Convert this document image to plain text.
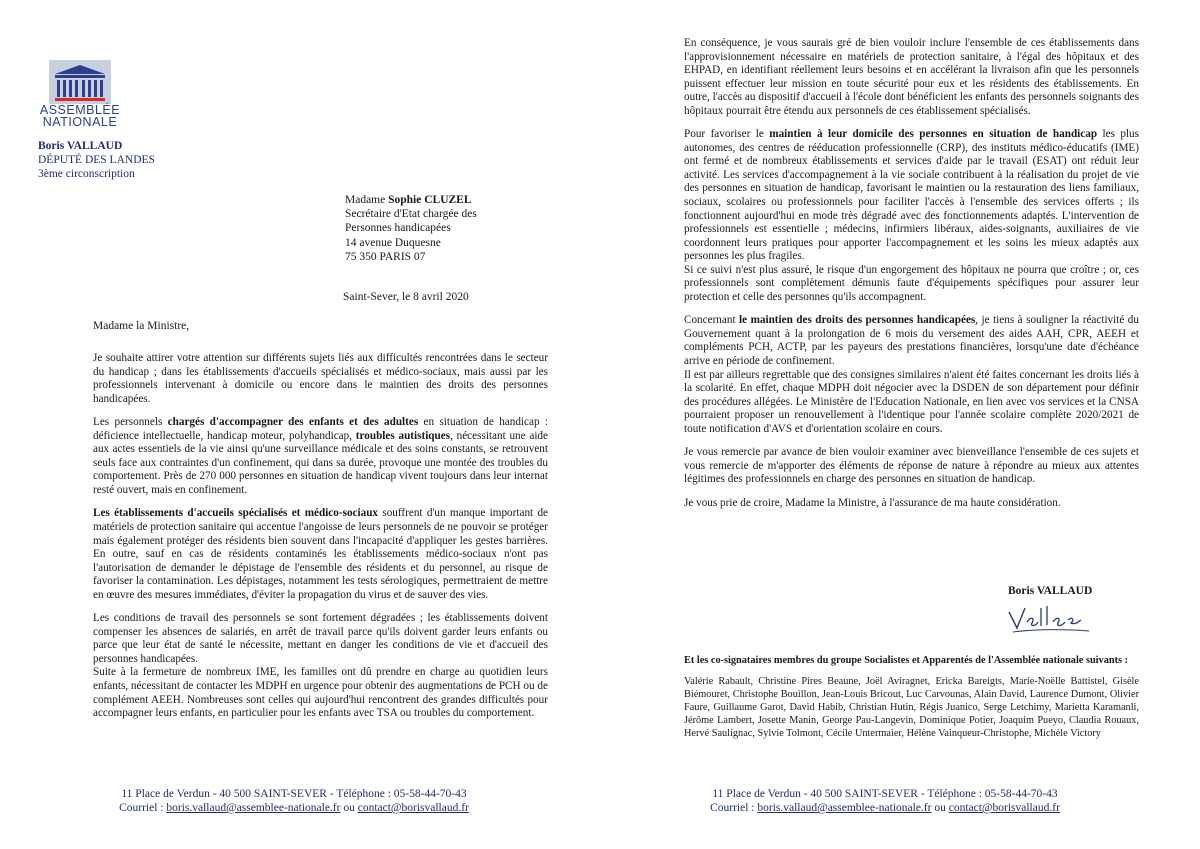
ASSEMBLÉE
NATIONALE
Boris VALLAUD
DÉPUTÉ DES LANDES
3ème circonscription
Madame Sophie CLUZEL
Secrétaire d'Etat chargée des
Personnes handicapées
14 avenue Duquesne
75 350 PARIS 07
Saint-Sever, le 8 avril 2020
Madame la Ministre,

Je souhaite attirer votre attention sur différents sujets liés aux difficultés rencontrées dans le secteur du handicap ; dans les établissements d'accueils spécialisés et médico-sociaux, mais aussi par les professionnels intervenant à domicile ou encore dans le maintien des droits des personnes handicapées.

Les personnels chargés d'accompagner des enfants et des adultes en situation de handicap : déficience intellectuelle, handicap moteur, polyhandicap, troubles autistiques, nécessitant une aide aux actes essentiels de la vie ainsi qu'une surveillance médicale et des soins constants, se retrouvent seuls face aux contraintes d'un confinement, qui dans sa durée, provoque une montée des troubles du comportement. Près de 270 000 personnes en situation de handicap vivent toujours dans leur internat resté ouvert, mais en confinement.

Les établissements d'accueils spécialisés et médico-sociaux souffrent d'un manque important de matériels de protection sanitaire qui accentue l'angoisse de leurs personnels de ne pouvoir se protéger mais également protéger des résidents bien souvent dans l'incapacité d'appliquer les gestes barrières. En outre, sauf en cas de résidents contaminés les établissements médico-sociaux n'ont pas l'autorisation de demander le dépistage de l'ensemble des résidents et du personnel, au risque de favoriser la contamination. Les dépistages, notamment les tests sérologiques, permettraient de mettre en œuvre des mesures immédiates, d'éviter la propagation du virus et de sauver des vies.

Les conditions de travail des personnels se sont fortement dégradées ; les établissements doivent compenser les absences de salariés, en arrêt de travail parce qu'ils doivent garder leurs enfants ou parce que leur état de santé le nécessite, mettant en danger les conditions de vie et d'accueil des personnes handicapées.

Suite à la fermeture de nombreux IME, les familles ont dû prendre en charge au quotidien leurs enfants, nécessitant de contacter les MDPH en urgence pour obtenir des augmentations de PCH ou de complément AEEH. Nombreuses sont celles qui aujourd'hui rencontrent des grandes difficultés pour accompagner leurs enfants, en particulier pour les enfants avec TSA ou troubles du comportement.

11 Place de Verdun - 40 500 SAINT-SEVER - Téléphone : 05-58-44-70-43
Courriel : boris.vallaud@assemblee-nationale.fr ou contact@borisvallaud.fr

En conséquence, je vous saurais gré de bien vouloir inclure l'ensemble de ces établissements dans l'approvisionnement nécessaire en matériels de protection sanitaire, à l'égal des hôpitaux et des EHPAD, en identifiant réellement leurs besoins et en accélérant la livraison afin que les personnels puissent effectuer leur mission en toute sécurité pour eux et les résidents des établissements. En outre, l'accès au dispositif d'accueil à l'école dont bénéficient les enfants des personnels soignants des hôpitaux pourrait être étendu aux personnels de ces établissement spécialisés.

Pour favoriser le maintien à leur domicile des personnes en situation de handicap les plus autonomes, des centres de rééducation professionnelle (CRP), des instituts médico-éducatifs (IME) ont fermé et de nombreux établissements et services d'aide par le travail (ESAT) ont réduit leur activité. Les services d'accompagnement à la vie sociale contribuent à la réalisation du projet de vie des personnes en situation de handicap, favorisant le maintien ou la restauration des liens familiaux, sociaux, scolaires ou professionnels pour faciliter l'accès à l'ensemble des services offerts ; ils fonctionnent aujourd'hui en mode très dégradé avec des fonctionnements adaptés. L'intervention de professionnels est essentielle ; médecins, infirmiers libéraux, aides-soignants, auxiliaires de vie coordonnent leurs pratiques pour apporter l'accompagnement et les soins les mieux adaptés aux personnes les plus fragiles.

Si ce suivi n'est plus assuré, le risque d'un engorgement des hôpitaux ne pourra que croître ; or, ces professionnels sont complètement démunis faute d'équipements spécifiques pour assurer leur protection et celle des personnes qu'ils accompagnent.

Concernant le maintien des droits des personnes handicapées, je tiens à souligner la réactivité du Gouvernement quant à la prolongation de 6 mois du versement des aides AAH, CPR, AEEH et compléments PCH, ACTP, par les payeurs des prestations financières, lorsqu'une date d'échéance arrive en période de confinement.

Il est par ailleurs regrettable que des consignes similaires n'aient été faites concernant les droits liés à la scolarité. En effet, chaque MDPH doit négocier avec la DSDEN de son département pour définir des procédures allégées. Le Ministère de l'Education Nationale, en lien avec vos services et la CNSA pourraient proposer un renouvellement à l'identique pour l'année scolaire complète 2020/2021 de toute notification d'AVS et d'orientation scolaire en cours.

Je vous remercie par avance de bien vouloir examiner avec bienveillance l'ensemble de ces sujets et vous remercie de m'apporter des éléments de réponse de nature à répondre au mieux aux attentes légitimes des professionnels en charge des personnes en situation de handicap.

Je vous prie de croire, Madame la Ministre, à l'assurance de ma haute considération.

Boris VALLAUD

Et les co-signataires membres du groupe Socialistes et Apparentés de l'Assemblée nationale suivants :

Valérie Rabault, Christine Pires Beaune, Joël Aviragnet, Ericka Bareigts, Marie-Noëlle Battistel, Gisèle Biémouret, Christophe Bouillon, Jean-Louis Bricout, Luc Carvounas, Alain David, Laurence Dumont, Olivier Faure, Guillaume Garot, David Habib, Christian Hutin, Régis Juanico, Serge Letchimy, Marietta Karamanli, Jérôme Lambert, Josette Manin, George Pau-Langevin, Dominique Potier, Joaquim Pueyo, Claudia Rouaux, Hervé Saulignac, Sylvie Tolmont, Cécile Untermaier, Hélène Vainqueur-Christophe, Michèle Victory

11 Place de Verdun - 40 500 SAINT-SEVER - Téléphone : 05-58-44-70-43
Courriel : boris.vallaud@assemblee-nationale.fr ou contact@borisvallaud.fr
